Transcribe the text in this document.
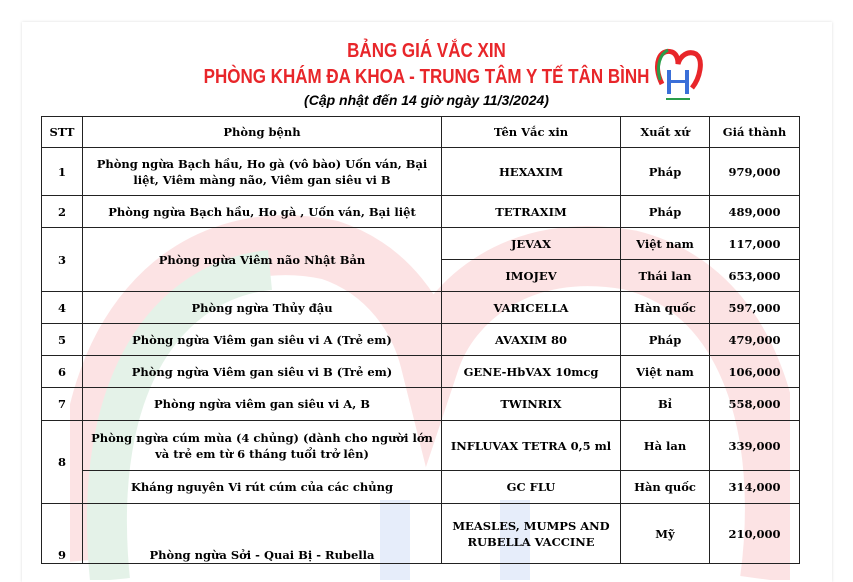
BẢNG GIÁ VẮC XIN
PHÒNG KHÁM ĐA KHOA - TRUNG TÂM Y TẾ TÂN BÌNH
(Cập nhật đến 14 giờ ngày 11/3/2024)
STT	Phòng bệnh	Tên Vắc xin	Xuất xứ	Giá thành
1	Phòng ngừa Bạch hầu, Ho gà (vô bào) Uốn ván, Bại liệt, Viêm màng não, Viêm gan siêu vi B	HEXAXIM	Pháp	979,000
2	Phòng ngừa Bạch hầu, Ho gà , Uốn ván, Bại liệt	TETRAXIM	Pháp	489,000
3	Phòng ngừa Viêm não Nhật Bản	JEVAX	Việt nam	117,000
		IMOJEV	Thái lan	653,000
4	Phòng ngừa Thủy đậu	VARICELLA	Hàn quốc	597,000
5	Phòng ngừa Viêm gan siêu vi A (Trẻ em)	AVAXIM 80	Pháp	479,000
6	Phòng ngừa Viêm gan siêu vi B (Trẻ em)	GENE-HbVAX 10mcg	Việt nam	106,000
7	Phòng ngừa viêm gan siêu vi A, B	TWINRIX	Bỉ	558,000
8	Phòng ngừa cúm mùa (4 chủng) (dành cho người lớn và trẻ em từ 6 tháng tuổi trở lên)	INFLUVAX TETRA 0,5 ml	Hà lan	339,000
	Kháng nguyên Vi rút cúm của các chủng	GC FLU	Hàn quốc	314,000
9	Phòng ngừa Sởi - Quai Bị - Rubella	MEASLES, MUMPS AND RUBELLA VACCINE	Mỹ	210,000
